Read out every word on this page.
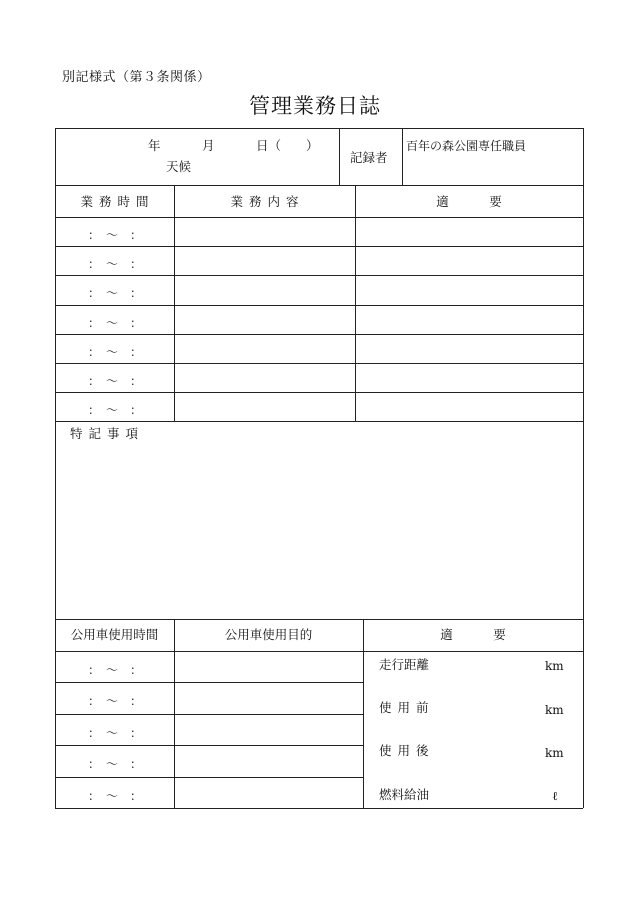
別記様式（第３条関係）
管理業務日誌
年	月	日（　　）
天候
記録者
百年の森公園専任職員
業務時間	業務内容	適　要
：　〜　：
：　〜　：
：　〜　：
：　〜　：
：　〜　：
：　〜　：
：　〜　：
特記事項
公用車使用時間	公用車使用目的	適　要
：　〜　：
：　〜　：
：　〜　：
：　〜　：
：　〜　：
走行距離	km
使用前	km
使用後	km
燃料給油	ℓ
